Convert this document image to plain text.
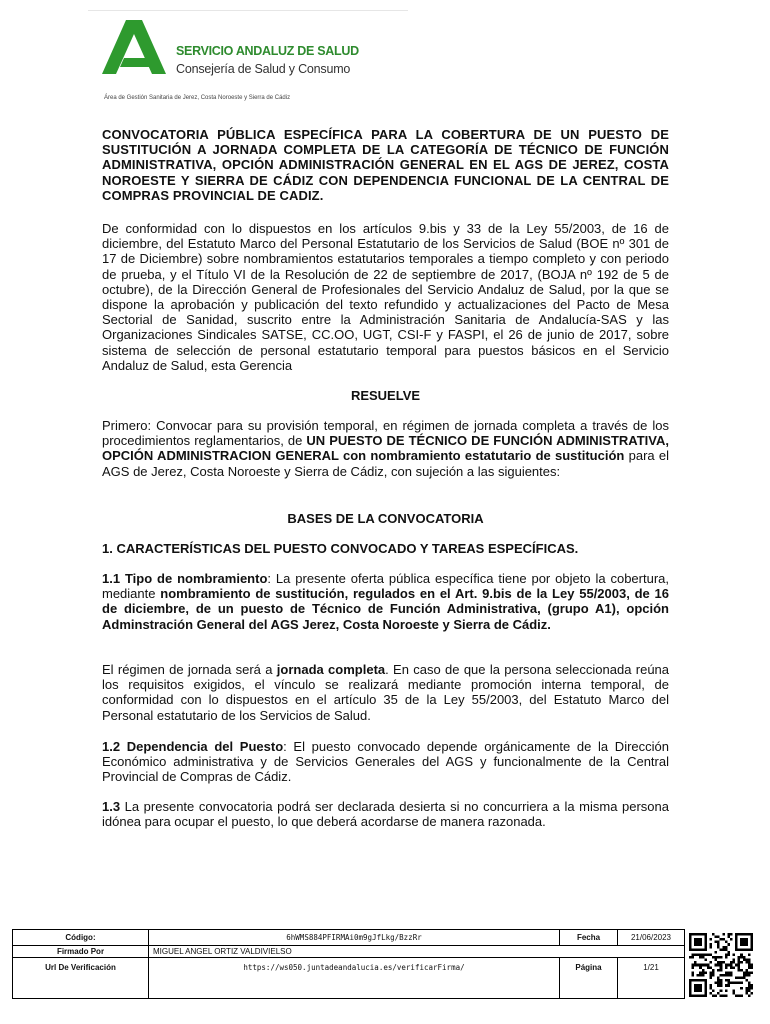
SERVICIO ANDALUZ DE SALUD
Consejería de Salud y Consumo
Área de Gestión Sanitaria de Jerez, Costa Noroeste y Sierra de Cádiz
CONVOCATORIA PÚBLICA ESPECÍFICA PARA LA COBERTURA DE UN PUESTO DE SUSTITUCIÓN A JORNADA COMPLETA DE LA CATEGORÍA DE TÉCNICO DE FUNCIÓN ADMINISTRATIVA, OPCIÓN ADMINISTRACIÓN GENERAL EN EL AGS DE JEREZ, COSTA NOROESTE Y SIERRA DE CÁDIZ CON DEPENDENCIA FUNCIONAL DE LA CENTRAL DE COMPRAS PROVINCIAL DE CADIZ.
De conformidad con lo dispuestos en los artículos 9.bis y 33 de la Ley 55/2003, de 16 de diciembre, del Estatuto Marco del Personal Estatutario de los Servicios de Salud (BOE nº 301 de 17 de Diciembre) sobre nombramientos estatutarios temporales a tiempo completo y con periodo de prueba, y el Título VI de la Resolución de 22 de septiembre de 2017, (BOJA nº 192 de 5 de octubre), de la Dirección General de Profesionales del Servicio Andaluz de Salud, por la que se dispone la aprobación y publicación del texto refundido y actualizaciones del Pacto de Mesa Sectorial de Sanidad, suscrito entre la Administración Sanitaria de Andalucía-SAS y las Organizaciones Sindicales SATSE, CC.OO, UGT, CSI-F y FASPI, el 26 de junio de 2017, sobre sistema de selección de personal estatutario temporal para puestos básicos en el Servicio Andaluz de Salud, esta Gerencia
RESUELVE
Primero: Convocar para su provisión temporal, en régimen de jornada completa a través de los procedimientos reglamentarios, de UN PUESTO DE TÉCNICO DE FUNCIÓN ADMINISTRATIVA, OPCIÓN ADMINISTRACION GENERAL con nombramiento estatutario de sustitución para el AGS de Jerez, Costa Noroeste y Sierra de Cádiz, con sujeción a las siguientes:
BASES DE LA CONVOCATORIA
1. CARACTERÍSTICAS DEL PUESTO CONVOCADO Y TAREAS ESPECÍFICAS.
1.1 Tipo de nombramiento: La presente oferta pública específica tiene por objeto la cobertura, mediante nombramiento de sustitución, regulados en el Art. 9.bis de la Ley 55/2003, de 16 de diciembre, de un puesto de Técnico de Función Administrativa, (grupo A1), opción Adminstración General del AGS Jerez, Costa Noroeste y Sierra de Cádiz.
El régimen de jornada será a jornada completa. En caso de que la persona seleccionada reúna los requisitos exigidos, el vínculo se realizará mediante promoción interna temporal, de conformidad con lo dispuestos en el artículo 35 de la Ley 55/2003, del Estatuto Marco del Personal estatutario de los Servicios de Salud.
1.2 Dependencia del Puesto: El puesto convocado depende orgánicamente de la Dirección Económico administrativa y de Servicios Generales del AGS y funcionalmente de la Central Provincial de Compras de Cádiz.
1.3 La presente convocatoria podrá ser declarada desierta si no concurriera a la misma persona idónea para ocupar el puesto, lo que deberá acordarse de manera razonada.
Código:	6hWMS884PFIRMAi0m9gJfLkg/BzzRr	Fecha	21/06/2023
Firmado Por	MIGUEL ANGEL ORTIZ VALDIVIELSO
Url De Verificación	https://ws050.juntadeandalucia.es/verificarFirma/	Página	1/21
